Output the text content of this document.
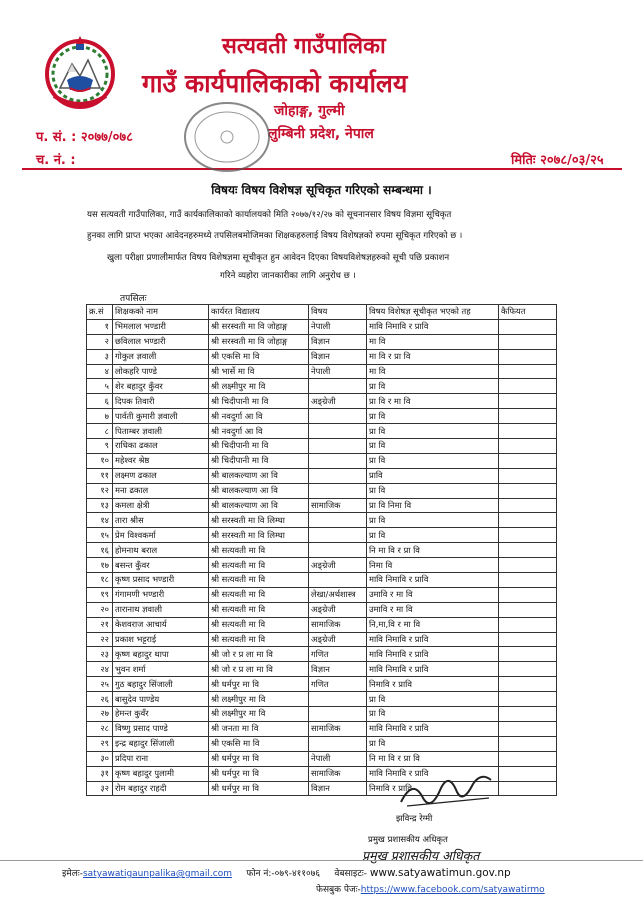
सत्यवती गाउँपालिका
गाउँ कार्यपालिकाको कार्यालय
जोहाङ्ग, गुल्मी
लुम्बिनी प्रदेश, नेपाल
प. सं. : २०७७/०७८
च. नं. :	मितिः २०७८/०३/२५
विषयः विषय विशेषज्ञ सूचिकृत गरिएको सम्बन्धमा ।
यस सत्यवती गाउँपालिका, गाउँ कार्यकालिकाको कार्यालयको मिति २०७७/१२/२७ को सूचनानसार विषय विज्ञमा सूचिकृत
हुनका लागि प्राप्त भएका आवेदनहरुमध्ये तपसिलबमोजिमका शिक्षकहरुलाई विषय विशेषज्ञको रुपमा सूचिकृत गरिएको छ ।
खुला परीक्षा प्रणालीमार्फत विषय विशेषज्ञमा सूचीकृत हुन आवेदन दिएका विषयविशेषज्ञहरुको सूची पछि प्रकाशन
गरिने व्यहोरा जानकारीका लागि अनुरोध छ ।
तपसिलः
क्र.सं	शिक्षकको नाम	कार्यरत विद्यालय	विषय	विषय विशेषज्ञ सूचीकृत भएको तह	कैफियत
१	भिमलाल भण्डारी	श्री सरस्वती मा वि जोहाङ्ग	नेपाली	मावि निमावि र प्रावि	
२	छविलाल भण्डारी	श्री सरस्वती मा वि जोहाङ्ग	विज्ञान	मा वि	
३	गोकुल ज्ञवाली	श्री एकसि मा वि	विज्ञान	मा वि र प्रा वि	
४	लोकहरि पाण्डे	श्री भार्से मा वि	नेपाली	मा वि	
५	शेर बहादुर कुँवर	श्री लक्ष्मीपुर मा वि		प्रा वि	
६	दिपक तिवारी	श्री चिदीपानी मा वि	अङ्ग्रेजी	प्रा वि र मा वि	
७	पार्वती कुमारी ज्ञवाली	श्री नवदुर्गा आ वि		प्रा वि	
८	पिताम्बर ज्ञवाली	श्री नवदुर्गा आ वि		प्रा वि	
९	राधिका ढकाल	श्री चिदीपानी मा वि		प्रा वि	
१०	महेश्वर श्रेष्ठ	श्री चिदीपानी मा वि		प्रा वि	
११	लक्ष्मण ढकाल	श्री बालकल्याण आ वि		प्रावि	
१२	मना ढकाल	श्री बालकल्याण आ वि		प्रा वि	
१३	कमला क्षेत्री	श्री बालकल्याण आ वि	सामाजिक	प्रा वि निमा वि	
१४	तारा श्रीस	श्री सरस्वती मा वि लिम्घा		प्रा वि	
१५	प्रेम विश्वकर्मा	श्री सरस्वती मा वि लिम्घा		प्रा वि	
१६	होमनाथ बराल	श्री सत्यवती मा वि		नि मा वि र प्रा वि	
१७	बसन्त कुँवर	श्री सत्यवती मा वि	अङ्ग्रेजी	निमा वि	
१८	कृष्ण प्रसाद भण्डारी	श्री सत्यवती मा वि		मावि निमावि र प्रावि	
१९	गंगामणी भण्डारी	श्री सत्यवती मा वि	लेखा/अर्थशास्त्र	उमावि र मा वि	
२०	तारानाथ ज्ञवाली	श्री सत्यवती मा वि	अङ्ग्रेजी	उमावि र मा वि	
२१	केशवराज आचार्य	श्री सत्यवती मा वि	सामाजिक	नि,मा,वि र मा वि	
२२	प्रकाश भट्टराई	श्री सत्यवती मा वि	अङ्ग्रेजी	मावि निमावि र प्रावि	
२३	कृष्ण बहादुर थापा	श्री जो र प्र ला मा वि	गणित	मावि निमावि र प्रावि	
२४	भुवन शर्मा	श्री जो र प्र ला मा वि	विज्ञान	मावि निमावि र प्रावि	
२५	गुठ बहादुर सिंजाली	श्री धर्मपुर मा वि	गणित	निमावि र प्रावि	
२६	बासुदेव पाण्डेय	श्री लक्ष्मीपुर मा वि		प्रा वि	
२७	हेमन्त कुवँर	श्री लक्ष्मीपुर मा वि		प्रा वि	
२८	विष्णु प्रसाद पाण्डे	श्री जनता मा वि	सामाजिक	मावि निमावि र प्रावि	
२९	इन्द्र बहादुर सिंजाली	श्री एकसि मा वि		प्रा वि	
३०	प्रदिपा राना	श्री धर्मपुर मा वि	नेपाली	नि मा वि र प्रा वि	
३१	कृष्ण बहादुर पुलामी	श्री धर्मपुर मा वि	सामाजिक	मावि निमावि र प्रावि	
३२	रोम बहादुर राहदी	श्री धर्मपुर मा वि	विज्ञान	निमावि र प्रावि	
झविन्द्र रेग्मी
प्रमुख प्रशासकीय अधिकृत
प्रमुख प्रशासकीय अधिकृत
इमेलः-satyawatigaunpalika@gmail.com फोन नं:-०७९-४११०७६ वेबसाइटः- www.satyawatimun.gov.np
फेसबुक पेजः-https://www.facebook.com/satyawatirmo
